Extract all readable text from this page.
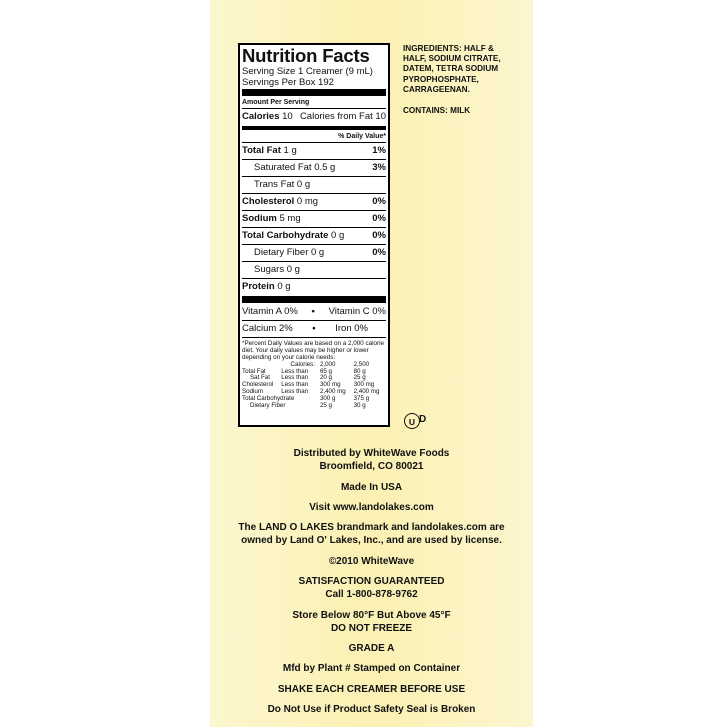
Nutrition Facts
Serving Size 1 Creamer (9 mL)
Servings Per Box 192
Amount Per Serving
Calories 10 Calories from Fat 10
% Daily Value*
Total Fat 1 g	1%
Saturated Fat 0.5 g	3%
Trans Fat 0 g
Cholesterol 0 mg	0%
Sodium 5 mg	0%
Total Carbohydrate 0 g	0%
Dietary Fiber 0 g	0%
Sugars 0 g
Protein 0 g
Vitamin A 0% • Vitamin C 0%
Calcium 2% • Iron 0%
*Percent Daily Values are based on a 2,000 calorie diet. Your daily values may be higher or lower depending on your calorie needs:
	Calories:	2,000	2,500
Total Fat	Less than	65 g	80 g
Sat Fat	Less than	20 g	25 g
Cholesterol	Less than	300 mg	300 mg
Sodium	Less than	2,400 mg	2,400 mg
Total Carbohydrate		300 g	375 g
Dietary Fiber		25 g	30 g
INGREDIENTS: HALF & HALF, SODIUM CITRATE, DATEM, TETRA SODIUM PYROPHOSPHATE, CARRAGEENAN.
CONTAINS: MILK
U D
Distributed by WhiteWave Foods
Broomfield, CO 80021
Made In USA
Visit www.landolakes.com
The LAND O LAKES brandmark and landolakes.com are
owned by Land O' Lakes, Inc., and are used by license.
©2010 WhiteWave
SATISFACTION GUARANTEED
Call 1-800-878-9762
Store Below 80°F But Above 45°F
DO NOT FREEZE
GRADE A
Mfd by Plant # Stamped on Container
SHAKE EACH CREAMER BEFORE USE
Do Not Use if Product Safety Seal is Broken
